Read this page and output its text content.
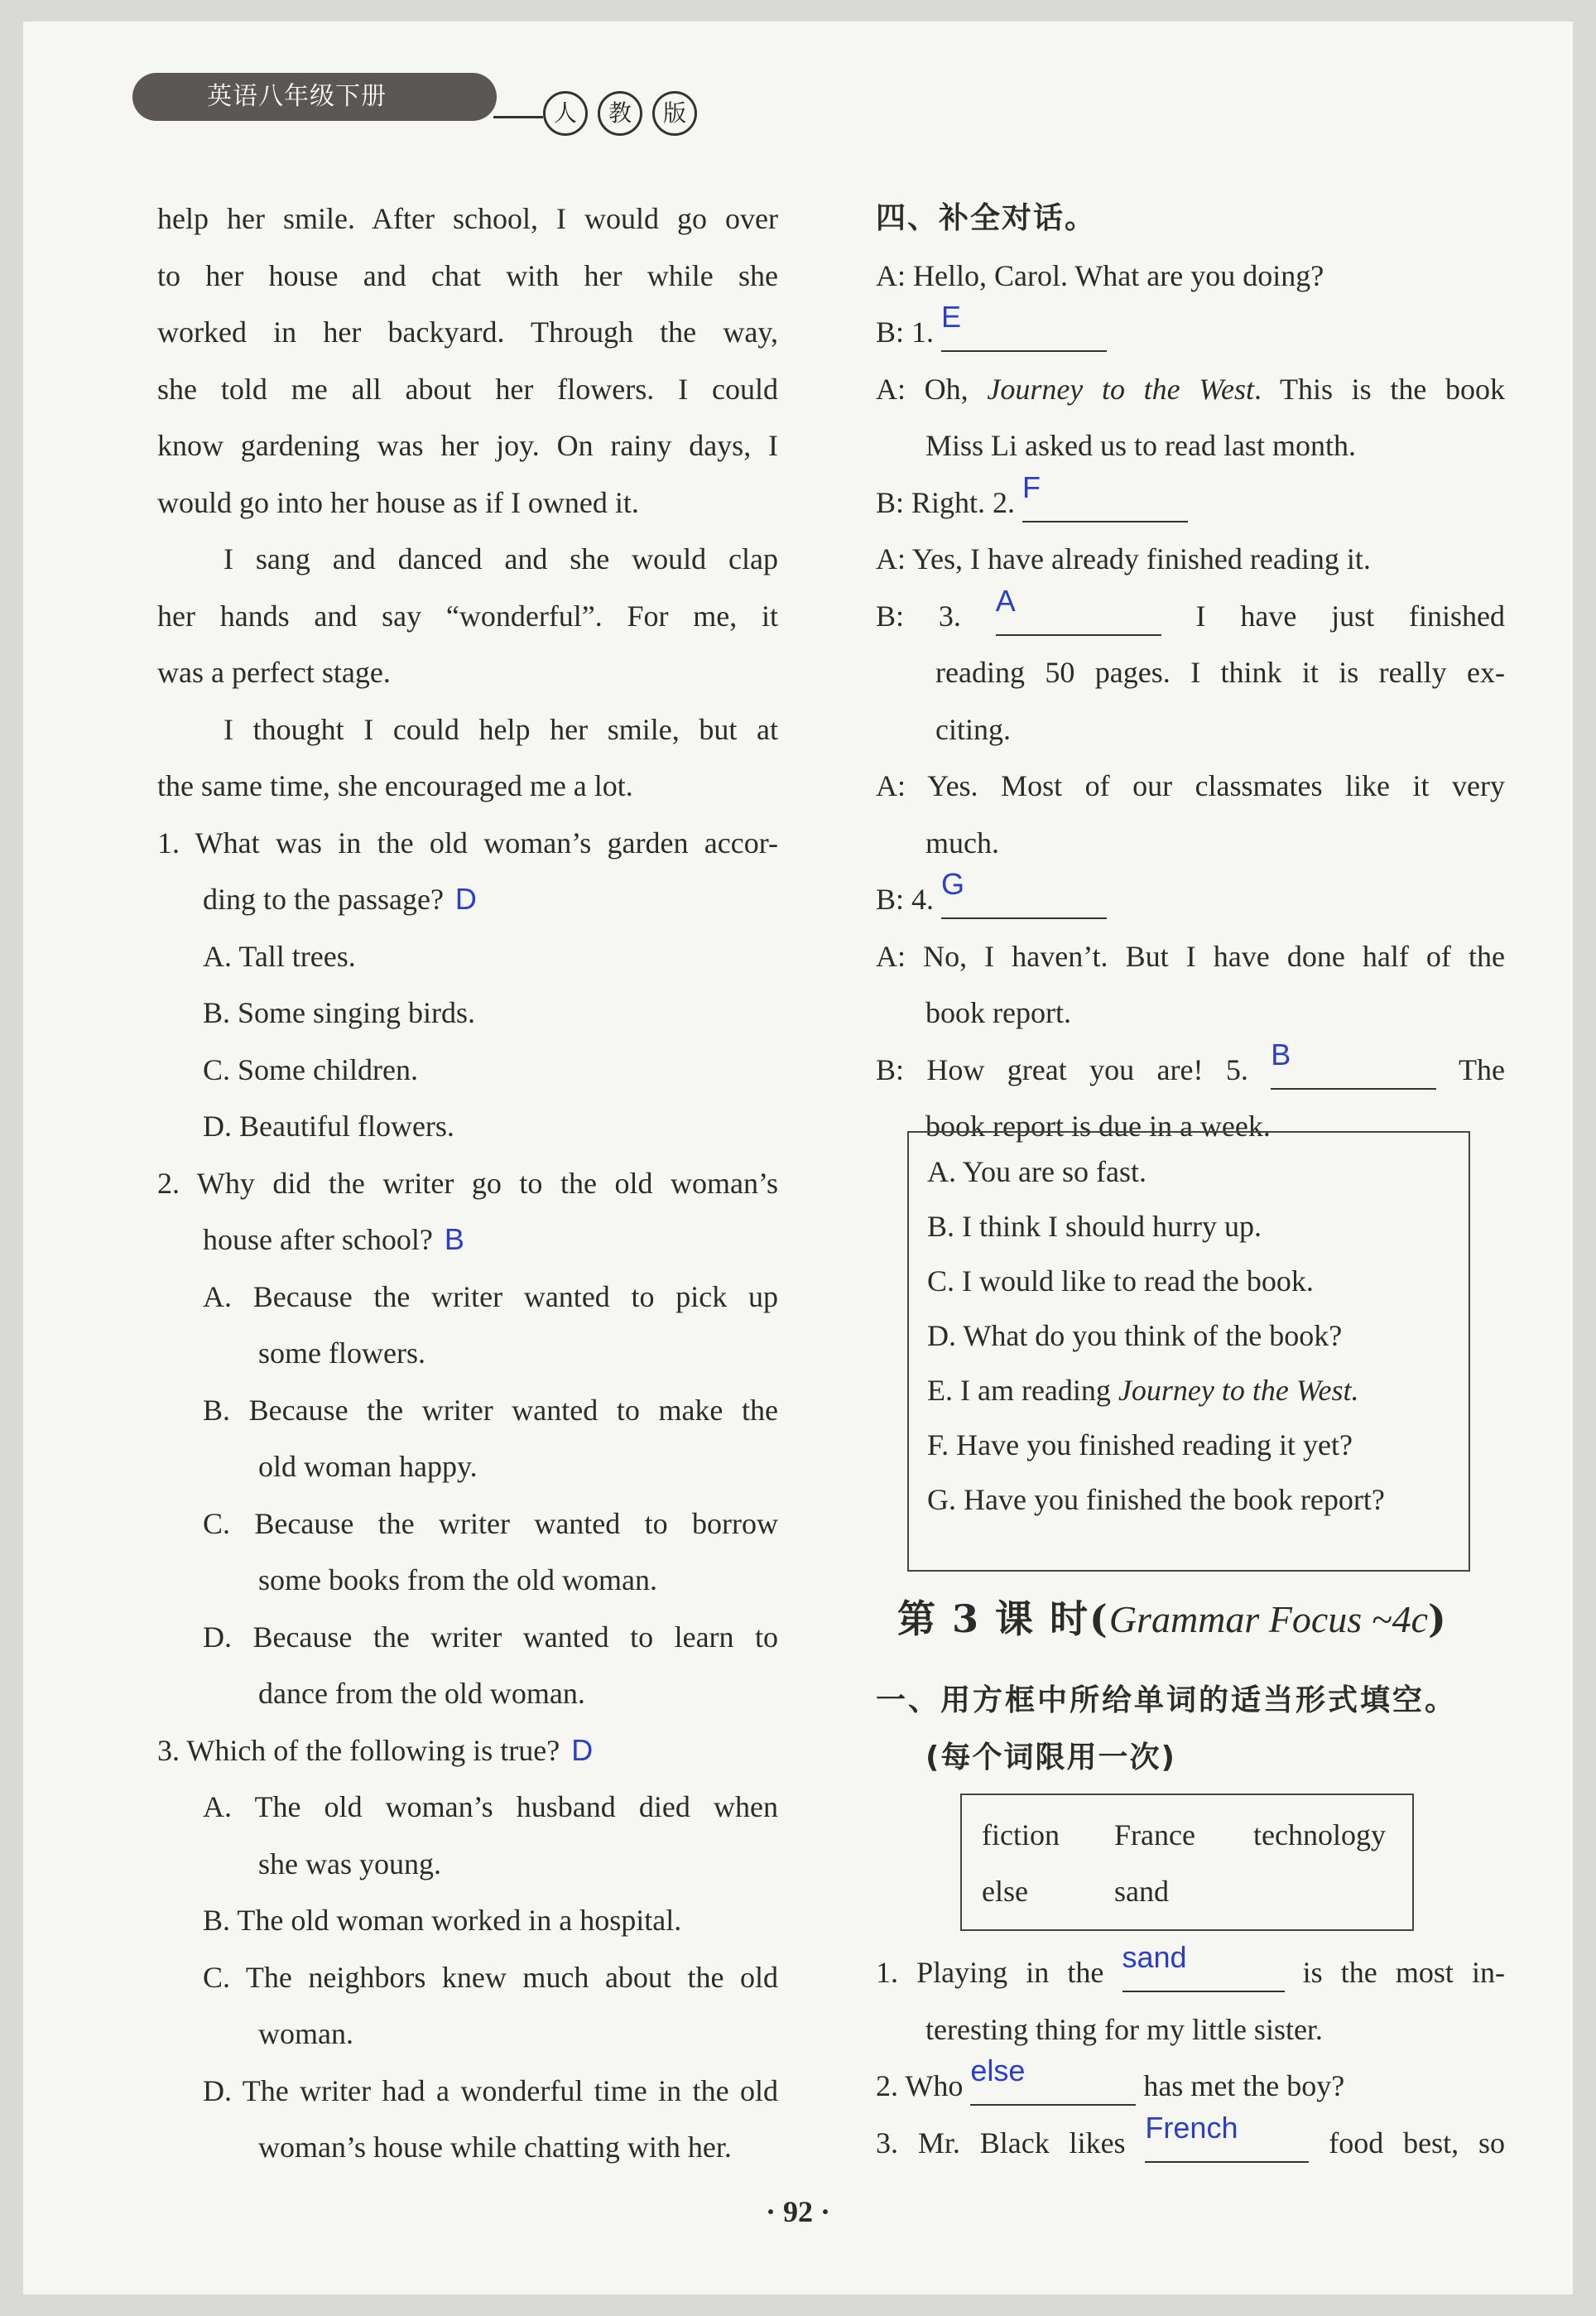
英语八年级下册
人	教	版
help her smile. After school, I would go over
to her house and chat with her while she
worked in her backyard. Through the way,
she told me all about her flowers. I could
know gardening was her joy. On rainy days, I
would go into her house as if I owned it.
I sang and danced and she would clap
her hands and say “wonderful”. For me, it
was a perfect stage.
I thought I could help her smile, but at
the same time, she encouraged me a lot.
1. What was in the old woman’s garden accor-
ding to the passage? D
A. Tall trees.
B. Some singing birds.
C. Some children.
D. Beautiful flowers.
2. Why did the writer go to the old woman’s
house after school? B
A. Because the writer wanted to pick up
some flowers.
B. Because the writer wanted to make the
old woman happy.
C. Because the writer wanted to borrow
some books from the old woman.
D. Because the writer wanted to learn to
dance from the old woman.
3. Which of the following is true? D
A. The old woman’s husband died when
she was young.
B. The old woman worked in a hospital.
C. The neighbors knew much about the old
woman.
D. The writer had a wonderful time in the old
woman’s house while chatting with her.
四、补全对话。
A: Hello, Carol. What are you doing?
B: 1. E
A: Oh, Journey to the West. This is the book
Miss Li asked us to read last month.
B: Right. 2. F
A: Yes, I have already finished reading it.
B: 3. A	I have just finished
reading 50 pages. I think it is really ex-
citing.
A: Yes. Most of our classmates like it very
much.
B: 4. G
A: No, I haven’t. But I have done half of the
book report.
B: How great you are! 5. B	The
book report is due in a week.
A. You are so fast.
B. I think I should hurry up.
C. I would like to read the book.
D. What do you think of the book?
E. I am reading Journey to the West.
F. Have you finished reading it yet?
G. Have you finished the book report?
第 3 课 时(Grammar Focus ~4c)
一、用方框中所给单词的适当形式填空。
(每个词限用一次)
fiction France technology
else	sand
1. Playing in the sand	is the most in-
teresting thing for my little sister.
2. Who else	has met the boy?
3. Mr. Black likes French	food best, so
· 92 ·
